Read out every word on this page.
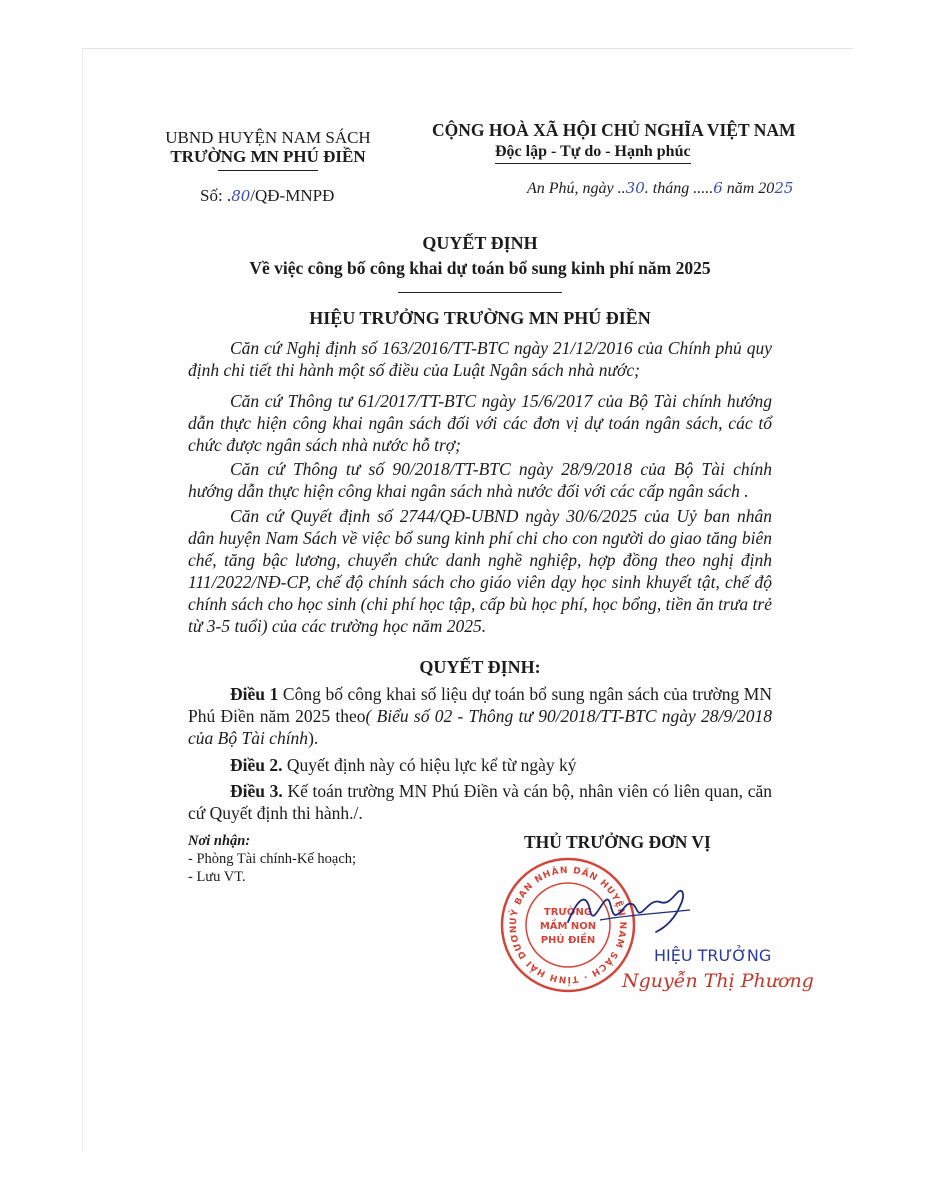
UBND HUYỆN NAM SÁCH
TRƯỜNG MN PHÚ ĐIỀN
Số: .80/QĐ-MNPĐ
CỘNG HOÀ XÃ HỘI CHỦ NGHĨA VIỆT NAM
Độc lập - Tự do - Hạnh phúc
An Phú, ngày ..30. tháng .....6 năm 2025
QUYẾT ĐỊNH
Về việc công bố công khai dự toán bổ sung kinh phí năm 2025
HIỆU TRƯỞNG TRƯỜNG MN PHÚ ĐIỀN
Căn cứ Nghị định số 163/2016/TT-BTC ngày 21/12/2016 của Chính phủ quy định chi tiết thi hành một số điều của Luật Ngân sách nhà nước;
Căn cứ Thông tư 61/2017/TT-BTC ngày 15/6/2017 của Bộ Tài chính hướng dẫn thực hiện công khai ngân sách đối với các đơn vị dự toán ngân sách, các tổ chức được ngân sách nhà nước hỗ trợ;
Căn cứ Thông tư số 90/2018/TT-BTC ngày 28/9/2018 của Bộ Tài chính hướng dẫn thực hiện công khai ngân sách nhà nước đối với các cấp ngân sách .
Căn cứ Quyết định số 2744/QĐ-UBND ngày 30/6/2025 của Uỷ ban nhân dân huyện Nam Sách về việc bổ sung kinh phí chi cho con người do giao tăng biên chế, tăng bậc lương, chuyển chức danh nghề nghiệp, hợp đồng theo nghị định 111/2022/NĐ-CP, chế độ chính sách cho giáo viên dạy học sinh khuyết tật, chế độ chính sách cho học sinh (chi phí học tập, cấp bù học phí, học bổng, tiền ăn trưa trẻ từ 3-5 tuổi) của các trường học năm 2025.
QUYẾT ĐỊNH:
Điều 1 Công bố công khai số liệu dự toán bổ sung ngân sách của trường MN Phú Điền năm 2025 theo( Biểu số 02 - Thông tư 90/2018/TT-BTC ngày 28/9/2018 của Bộ Tài chính).
Điều 2. Quyết định này có hiệu lực kể từ ngày ký
Điều 3. Kế toán trường MN Phú Điền và cán bộ, nhân viên có liên quan, căn cứ Quyết định thi hành./.
Nơi nhận:
- Phòng Tài chính-Kế hoạch;
- Lưu VT.
THỦ TRƯỞNG ĐƠN VỊ
UỶ BAN NHÂN DÂN HUYỆN NAM SÁCH · TỈNH HẢI DƯƠN
TRƯỜNG
MẦM NON
PHÚ ĐIỀN
HIỆU TRƯỞNG
Nguyễn Thị Phương
